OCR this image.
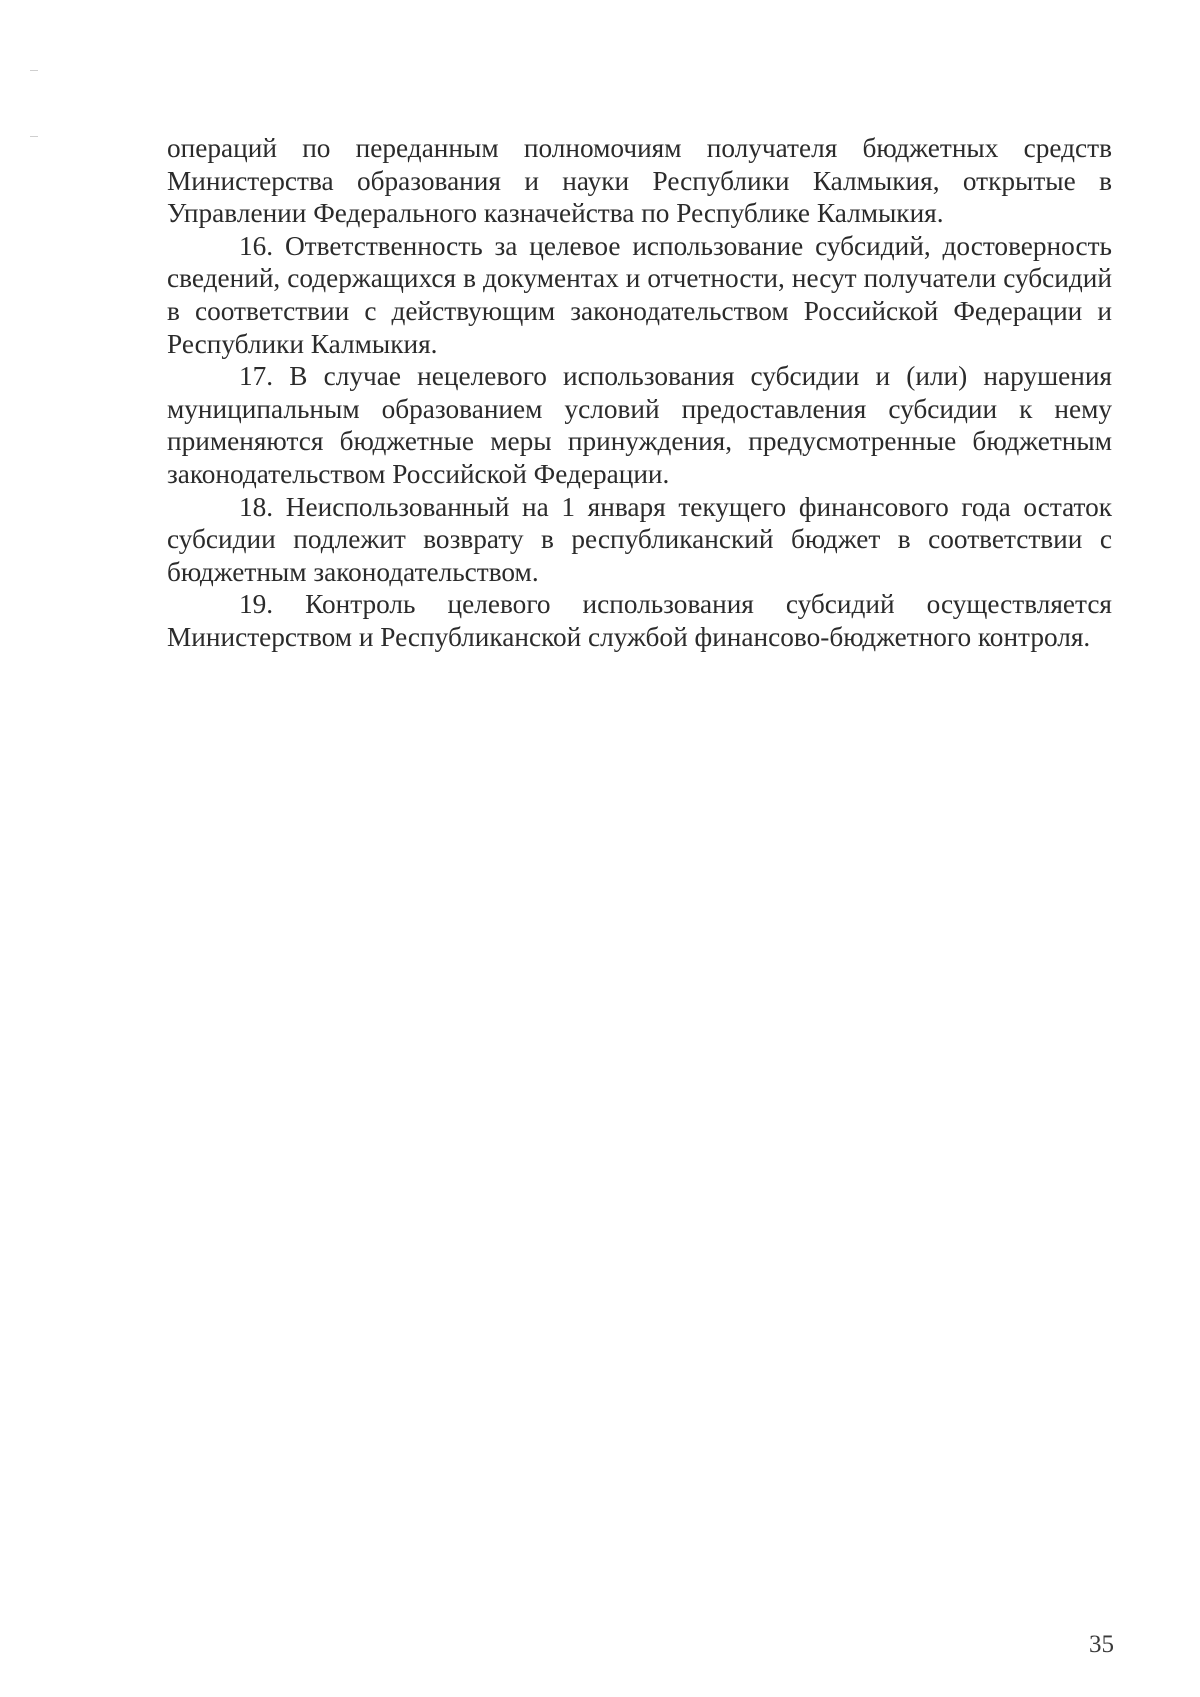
операций по переданным полномочиям получателя бюджетных средств Министерства образования и науки Республики Калмыкия, открытые в Управлении Федерального казначейства по Республике Калмыкия.

16. Ответственность за целевое использование субсидий, достоверность сведений, содержащихся в документах и отчетности, несут получатели субсидий в соответствии с действующим законодательством Российской Федерации и Республики Калмыкия.

17. В случае нецелевого использования субсидии и (или) нарушения муниципальным образованием условий предоставления субсидии к нему применяются бюджетные меры принуждения, предусмотренные бюджетным законодательством Российской Федерации.

18. Неиспользованный на 1 января текущего финансового года остаток субсидии подлежит возврату в республиканский бюджет в соответствии с бюджетным законодательством.

19. Контроль целевого использования субсидий осуществляется Министерством и Республиканской службой финансово-бюджетного контроля.

35
